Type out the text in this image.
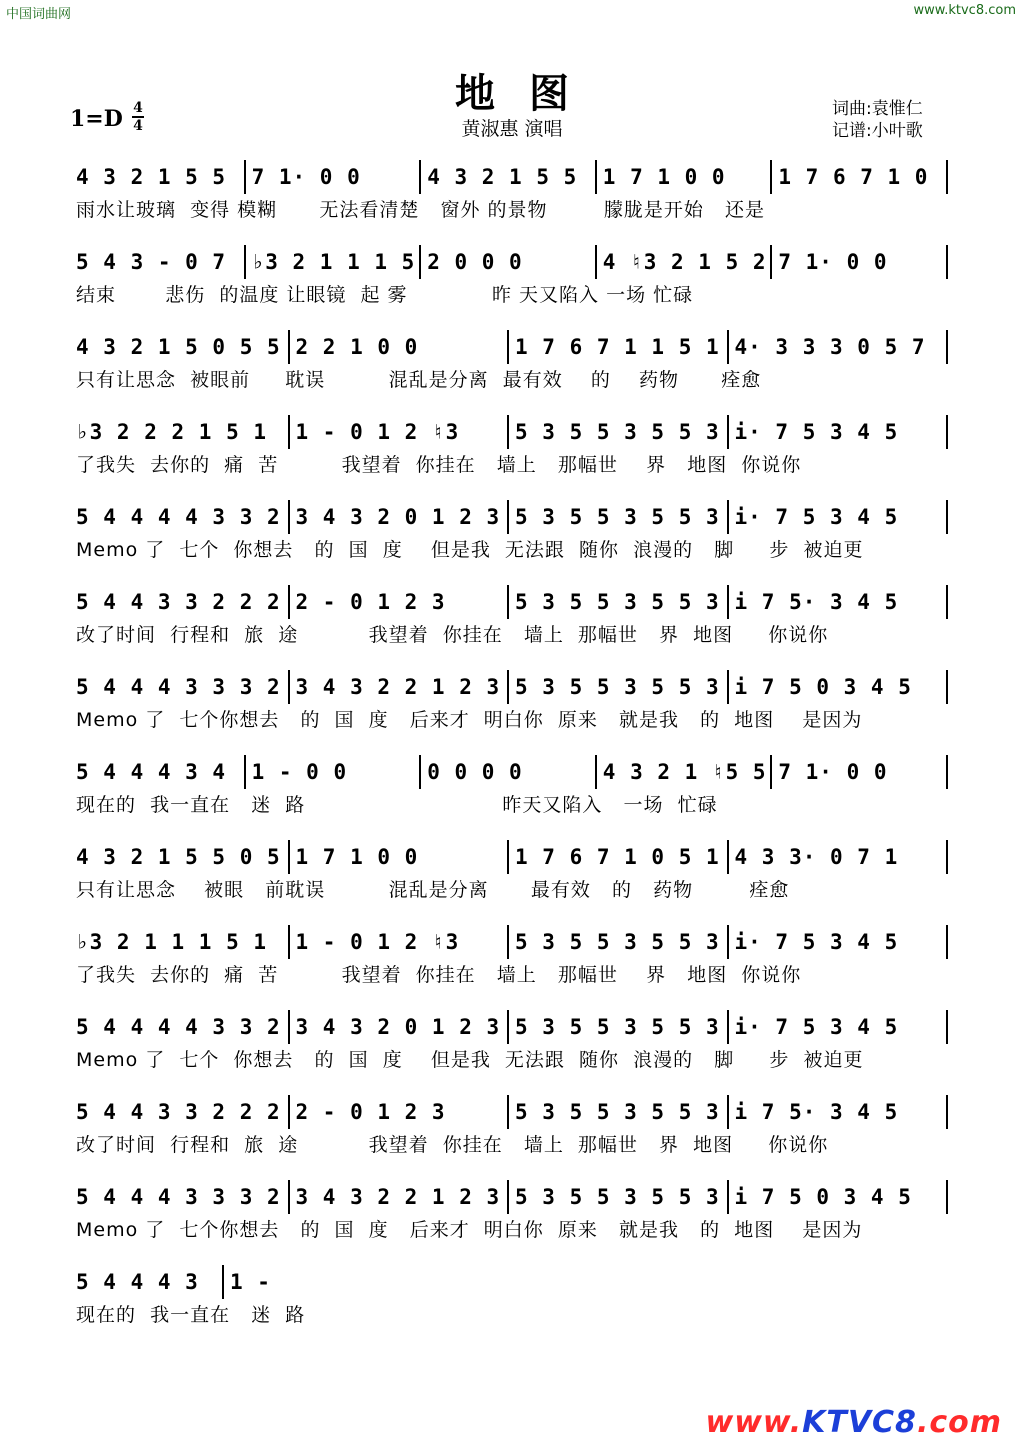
中国词曲网	www.ktvc8.com
地图
黄淑惠 演唱
1=D 4
4
词曲:袁惟仁
记谱:小叶歌
4 3 2 1 5 5	7 1· 0 0	4 3 2 1 5 5	1 7 1 0 0	1 7 6 7 1 0
雨水让玻璃  变得 模糊      无法看清楚   窗外 的景物        朦胧是开始   还是
5 4 3 - 0 7	♭3 2 1 1 1 5 2 0 0 0	4 ♮3 2 1 5 2 7 1· 0 0
结束       悲伤  的温度 让眼镜  起 雾            昨 天又陷入 一场 忙碌
4 3 2 1 5 0 5 5 2 2 1 0 0	1 7 6 7 1 1 5 1 4· 3 3 3 0 5 7
只有让思念  被眼前     耽误         混乱是分离  最有效    的    药物      痊愈
♭3 2 2 2 1 5 1	1 - 0 1 2 ♮3	5 3 5 5 3 5 5 3 i· 7 5 3 4 5
了我失  去你的  痛  苦         我望着  你挂在   墙上   那幅世    界   地图  你说你
5 4 4 4 4 3 3 2 3 4 3 2 0 1 2 3 5 3 5 5 3 5 5 3 i· 7 5 3 4 5
Memo 了  七个  你想去   的  国  度    但是我  无法跟  随你  浪漫的   脚     步  被迫更
5 4 4 3 3 2 2 2 2 - 0 1 2 3	5 3 5 5 3 5 5 3 i 7 5· 3 4 5
改了时间  行程和  旅  途          我望着  你挂在   墙上  那幅世   界  地图     你说你
5 4 4 4 3 3 3 2 3 4 3 2 2 1 2 3 5 3 5 5 3 5 5 3 i 7 5 0 3 4 5
Memo 了  七个你想去   的  国  度   后来才  明白你  原来   就是我   的  地图    是因为
5 4 4 4 3 4	1 - 0 0	0 0 0 0	4 3 2 1 ♮5 5 7 1· 0 0
现在的  我一直在   迷  路                            昨天又陷入   一场  忙碌
4 3 2 1 5 5 0 5 1 7 1 0 0	1 7 6 7 1 0 5 1 4 3 3· 0 7 1
只有让思念    被眼   前耽误         混乱是分离      最有效   的   药物        痊愈
♭3 2 1 1 1 5 1	1 - 0 1 2 ♮3	5 3 5 5 3 5 5 3 i· 7 5 3 4 5
了我失  去你的  痛  苦         我望着  你挂在   墙上   那幅世    界   地图  你说你
5 4 4 4 4 3 3 2 3 4 3 2 0 1 2 3 5 3 5 5 3 5 5 3 i· 7 5 3 4 5
Memo 了  七个  你想去   的  国  度    但是我  无法跟  随你  浪漫的   脚     步  被迫更
5 4 4 3 3 2 2 2 2 - 0 1 2 3	5 3 5 5 3 5 5 3 i 7 5· 3 4 5
改了时间  行程和  旅  途          我望着  你挂在   墙上  那幅世   界  地图     你说你
5 4 4 4 3 3 3 2 3 4 3 2 2 1 2 3 5 3 5 5 3 5 5 3 i 7 5 0 3 4 5
Memo 了  七个你想去   的  国  度   后来才  明白你  原来   就是我   的  地图    是因为
5 4 4 4 3	1 -
现在的  我一直在   迷  路
www.KTVC8.com
